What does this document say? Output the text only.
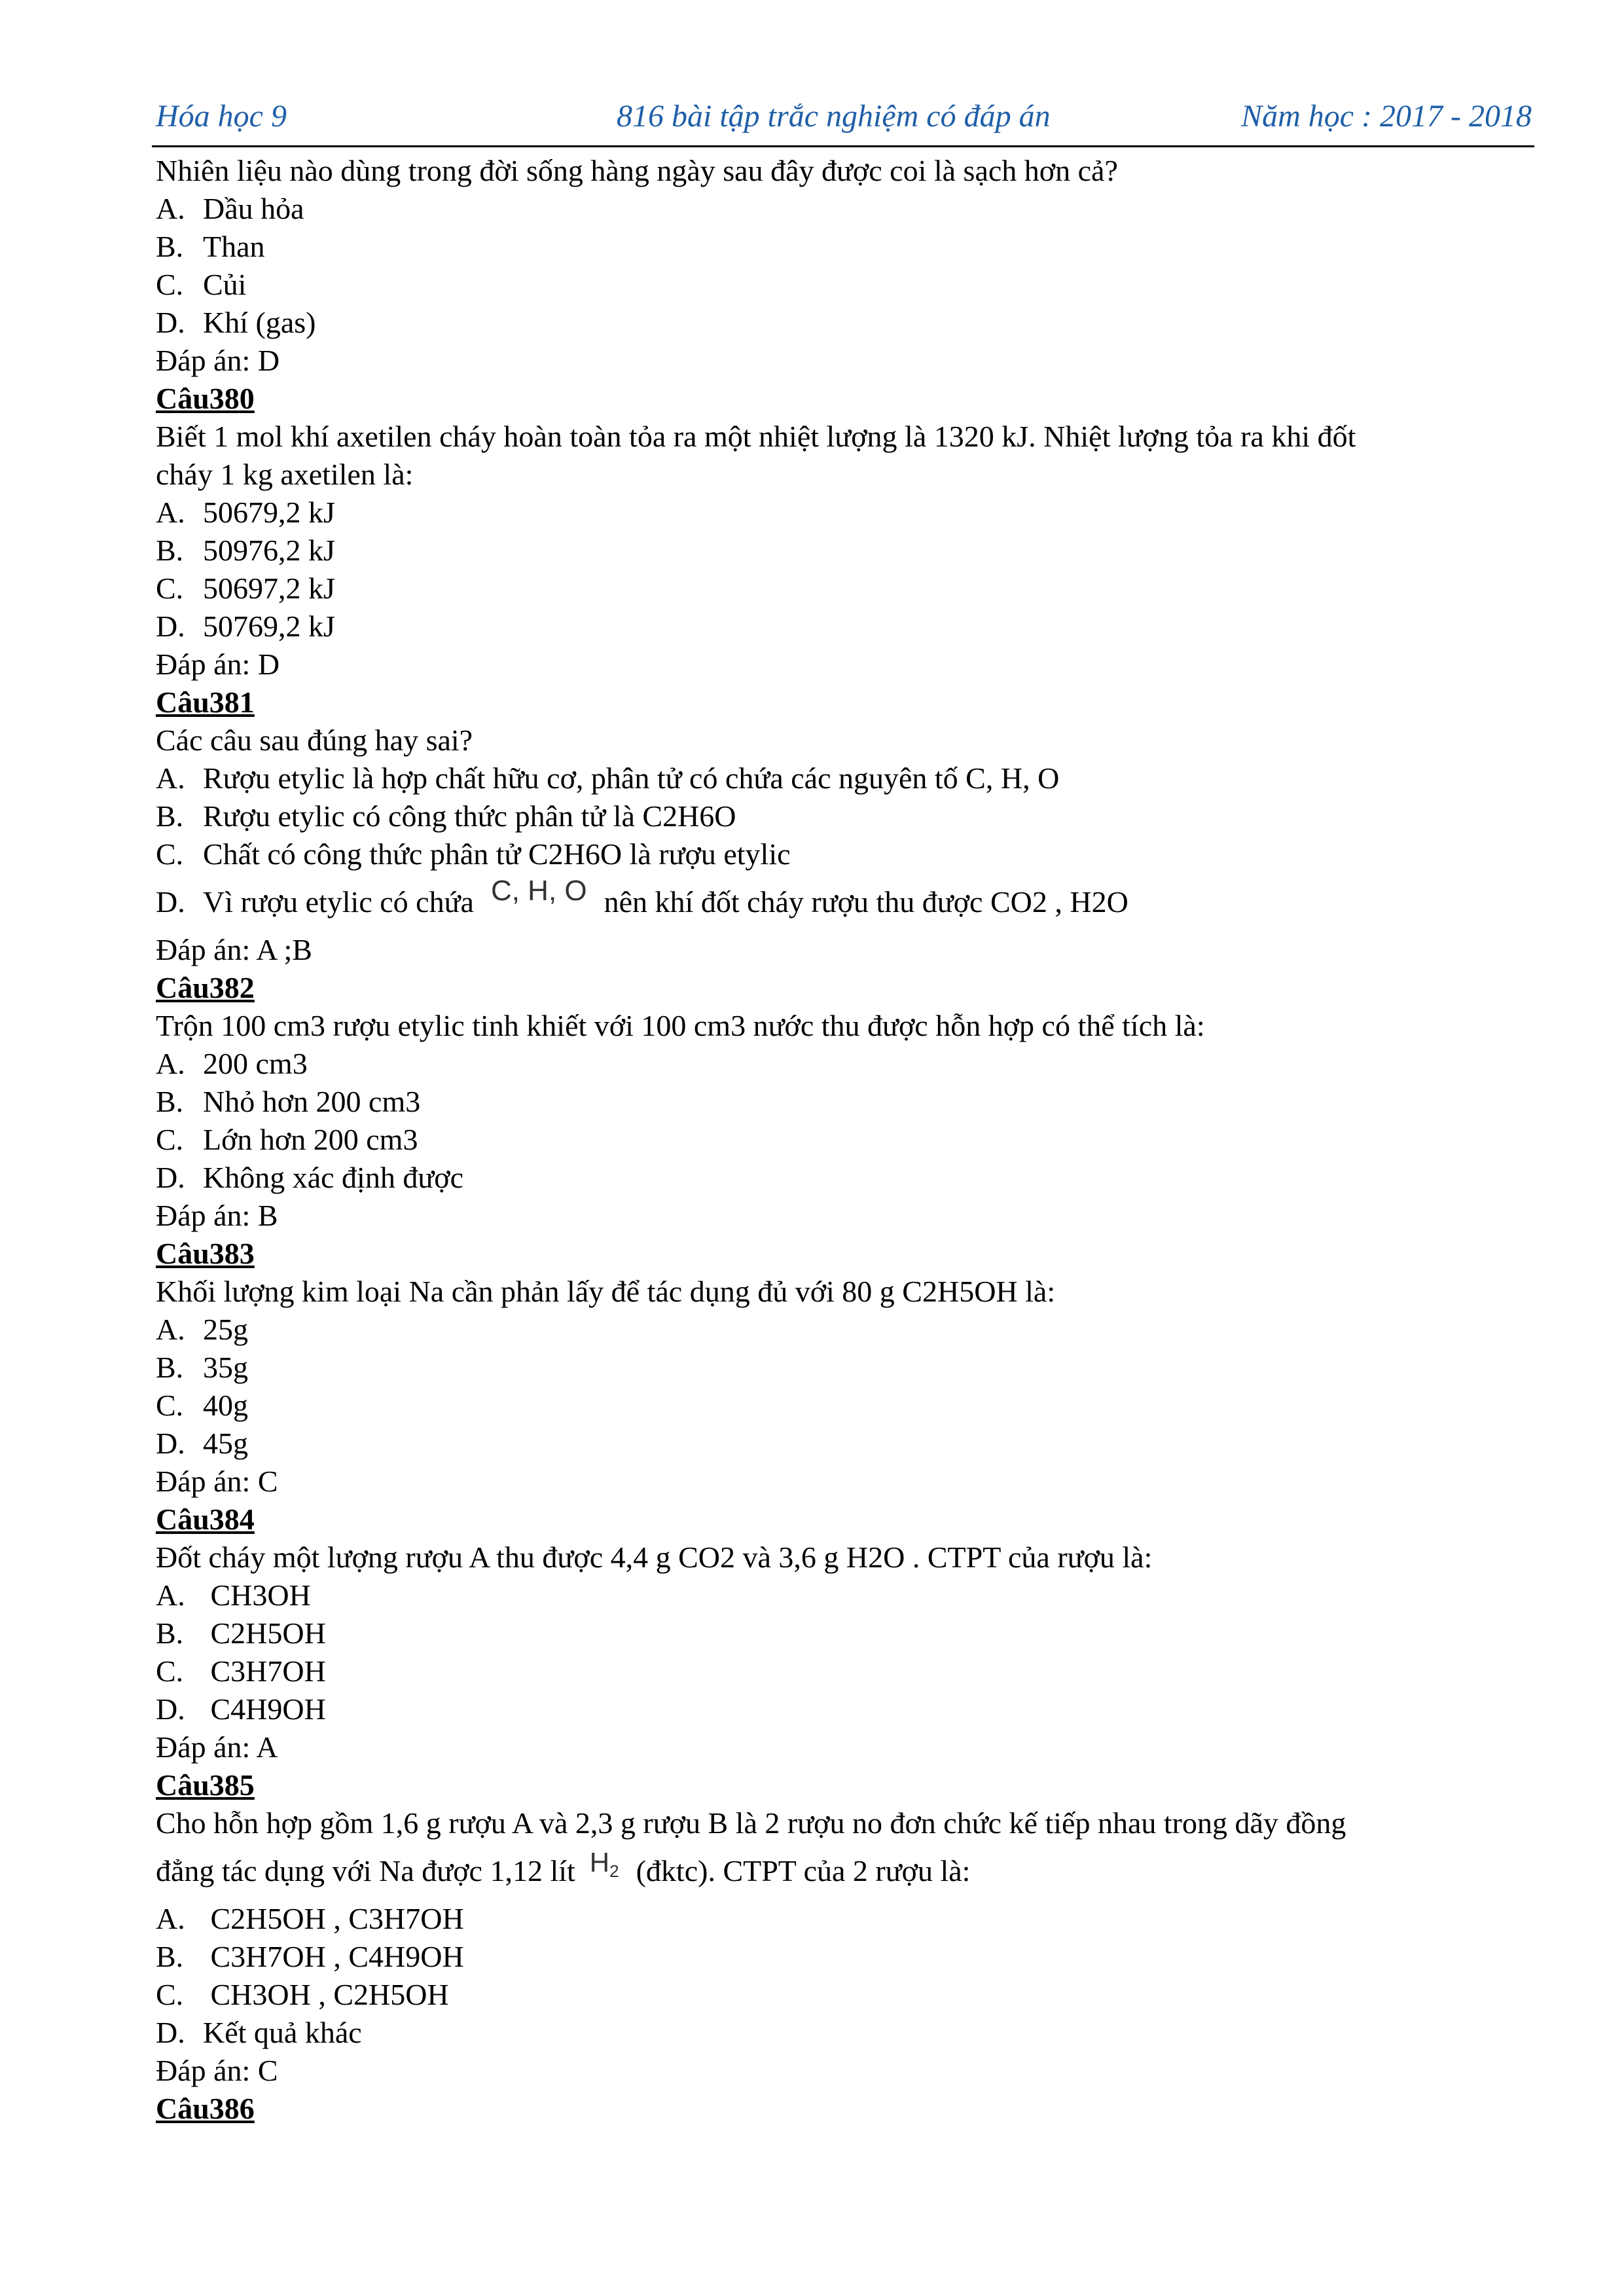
Hóa học 9	816 bài tập trắc nghiệm có đáp án	Năm học : 2017 - 2018
Nhiên liệu nào dùng trong đời sống hàng ngày sau đây được coi là sạch hơn cả?
A. Dầu hỏa
B. Than
C. Củi
D. Khí (gas)
Đáp án: D
Câu380
Biết 1 mol khí axetilen cháy hoàn toàn tỏa ra một nhiệt lượng là 1320 kJ. Nhiệt lượng tỏa ra khi đốt
cháy 1 kg axetilen là:
A. 50679,2 kJ
B. 50976,2 kJ
C. 50697,2 kJ
D. 50769,2 kJ
Đáp án: D
Câu381
Các câu sau đúng hay sai?
A. Rượu etylic là hợp chất hữu cơ, phân tử có chứa các nguyên tố C, H, O
B. Rượu etylic có công thức phân tử là C2H6O
C. Chất có công thức phân tử C2H6O là rượu etylic
D. Vì rượu etylic có chứa C, H, O nên khí đốt cháy rượu thu được CO2 , H2O
Đáp án: A ;B
Câu382
Trộn 100 cm3 rượu etylic tinh khiết với 100 cm3 nước thu được hỗn hợp có thể tích là:
A. 200 cm3
B. Nhỏ hơn 200 cm3
C. Lớn hơn 200 cm3
D. Không xác định được
Đáp án: B
Câu383
Khối lượng kim loại Na cần phản lấy để tác dụng đủ với 80 g C2H5OH là:
A. 25g
B. 35g
C. 40g
D. 45g
Đáp án: C
Câu384
Đốt cháy một lượng rượu A thu được 4,4 g CO2 và 3,6 g H2O . CTPT của rượu là:
A. CH3OH
B. C2H5OH
C. C3H7OH
D. C4H9OH
Đáp án: A
Câu385
Cho hỗn hợp gồm 1,6 g rượu A và 2,3 g rượu B là 2 rượu no đơn chức kế tiếp nhau trong dãy đồng
đẳng tác dụng với Na được 1,12 lít $H_2$ (đktc). CTPT của 2 rượu là:
A. C2H5OH , C3H7OH
B. C3H7OH , C4H9OH
C. CH3OH , C2H5OH
D. Kết quả khác
Đáp án: C
Câu386
